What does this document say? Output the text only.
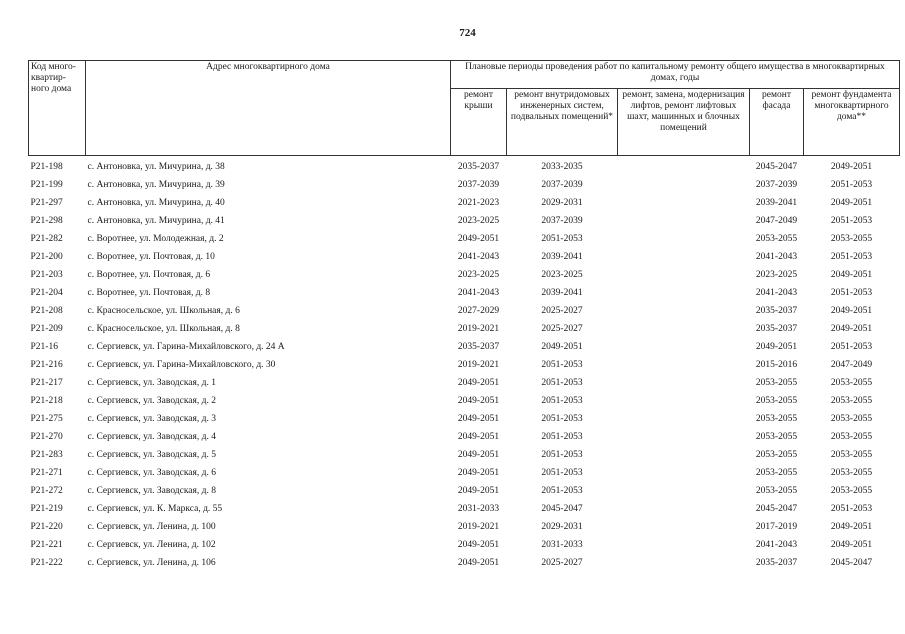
724
Код много-квартир-ного дома	Адрес многоквартирного дома	Плановые периоды проведения работ по капитальному ремонту общего имущества в многоквартирных домах, годы				
		ремонт крыши	ремонт внутридомовых инженерных систем, подвальных помещений*	ремонт, замена, модернизация лифтов, ремонт лифтовых шахт, машинных и блочных помещений	ремонт фасада	ремонт фундамента многоквартирного дома**
Р21-198	с. Антоновка, ул. Мичурина, д. 38	2035-2037	2033-2035		2045-2047	2049-2051
Р21-199	с. Антоновка, ул. Мичурина, д. 39	2037-2039	2037-2039		2037-2039	2051-2053
Р21-297	с. Антоновка, ул. Мичурина, д. 40	2021-2023	2029-2031		2039-2041	2049-2051
Р21-298	с. Антоновка, ул. Мичурина, д. 41	2023-2025	2037-2039		2047-2049	2051-2053
Р21-282	с. Воротнее, ул. Молодежная, д. 2	2049-2051	2051-2053		2053-2055	2053-2055
Р21-200	с. Воротнее, ул. Почтовая, д. 10	2041-2043	2039-2041		2041-2043	2051-2053
Р21-203	с. Воротнее, ул. Почтовая, д. 6	2023-2025	2023-2025		2023-2025	2049-2051
Р21-204	с. Воротнее, ул. Почтовая, д. 8	2041-2043	2039-2041		2041-2043	2051-2053
Р21-208	с. Красносельское, ул. Школьная, д. 6	2027-2029	2025-2027		2035-2037	2049-2051
Р21-209	с. Красносельское, ул. Школьная, д. 8	2019-2021	2025-2027		2035-2037	2049-2051
Р21-16	с. Сергиевск, ул. Гарина-Михайловского, д. 24 А	2035-2037	2049-2051		2049-2051	2051-2053
Р21-216	с. Сергиевск, ул. Гарина-Михайловского, д. 30	2019-2021	2051-2053		2015-2016	2047-2049
Р21-217	с. Сергиевск, ул. Заводская, д. 1	2049-2051	2051-2053		2053-2055	2053-2055
Р21-218	с. Сергиевск, ул. Заводская, д. 2	2049-2051	2051-2053		2053-2055	2053-2055
Р21-275	с. Сергиевск, ул. Заводская, д. 3	2049-2051	2051-2053		2053-2055	2053-2055
Р21-270	с. Сергиевск, ул. Заводская, д. 4	2049-2051	2051-2053		2053-2055	2053-2055
Р21-283	с. Сергиевск, ул. Заводская, д. 5	2049-2051	2051-2053		2053-2055	2053-2055
Р21-271	с. Сергиевск, ул. Заводская, д. 6	2049-2051	2051-2053		2053-2055	2053-2055
Р21-272	с. Сергиевск, ул. Заводская, д. 8	2049-2051	2051-2053		2053-2055	2053-2055
Р21-219	с. Сергиевск, ул. К. Маркса, д. 55	2031-2033	2045-2047		2045-2047	2051-2053
Р21-220	с. Сергиевск, ул. Ленина, д. 100	2019-2021	2029-2031		2017-2019	2049-2051
Р21-221	с. Сергиевск, ул. Ленина, д. 102	2049-2051	2031-2033		2041-2043	2049-2051
Р21-222	с. Сергиевск, ул. Ленина, д. 106	2049-2051	2025-2027		2035-2037	2045-2047
